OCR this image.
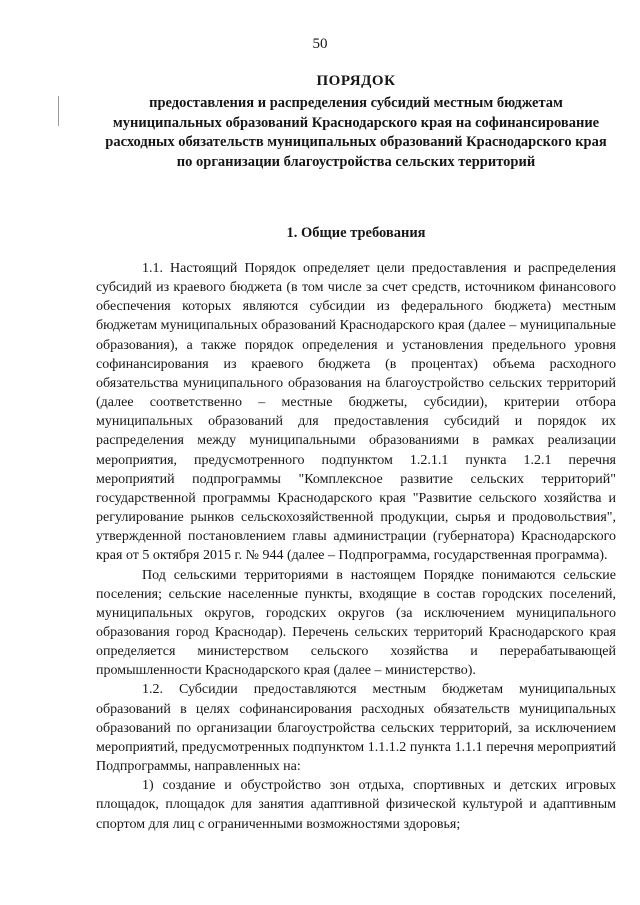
50
ПОРЯДОК
предоставления и распределения субсидий местным бюджетам муниципальных образований Краснодарского края на софинансирование расходных обязательств муниципальных образований Краснодарского края по организации благоустройства сельских территорий
1. Общие требования

1.1. Настоящий Порядок определяет цели предоставления и распределения субсидий из краевого бюджета (в том числе за счет средств, источником финансового обеспечения которых являются субсидии из федерального бюджета) местным бюджетам муниципальных образований Краснодарского края (далее – муниципальные образования), а также порядок определения и установления предельного уровня софинансирования из краевого бюджета (в процентах) объема расходного обязательства муниципального образования на благоустройство сельских территорий (далее соответственно – местные бюджеты, субсидии), критерии отбора муниципальных образований для предоставления субсидий и порядок их распределения между муниципальными образованиями в рамках реализации мероприятия, предусмотренного подпунктом 1.2.1.1 пункта 1.2.1 перечня мероприятий подпрограммы "Комплексное развитие сельских территорий" государственной программы Краснодарского края "Развитие сельского хозяйства и регулирование рынков сельскохозяйственной продукции, сырья и продовольствия", утвержденной постановлением главы администрации (губернатора) Краснодарского края от 5 октября 2015 г. № 944 (далее – Подпрограмма, государственная программа).

Под сельскими территориями в настоящем Порядке понимаются сельские поселения; сельские населенные пункты, входящие в состав городских поселений, муниципальных округов, городских округов (за исключением муниципального образования город Краснодар). Перечень сельских территорий Краснодарского края определяется министерством сельского хозяйства и перерабатывающей промышленности Краснодарского края (далее – министерство).

1.2. Субсидии предоставляются местным бюджетам муниципальных образований в целях софинансирования расходных обязательств муниципальных образований по организации благоустройства сельских территорий, за исключением мероприятий, предусмотренных подпунктом 1.1.1.2 пункта 1.1.1 перечня мероприятий Подпрограммы, направленных на:

1) создание и обустройство зон отдыха, спортивных и детских игровых площадок, площадок для занятия адаптивной физической культурой и адаптивным спортом для лиц с ограниченными возможностями здоровья;
